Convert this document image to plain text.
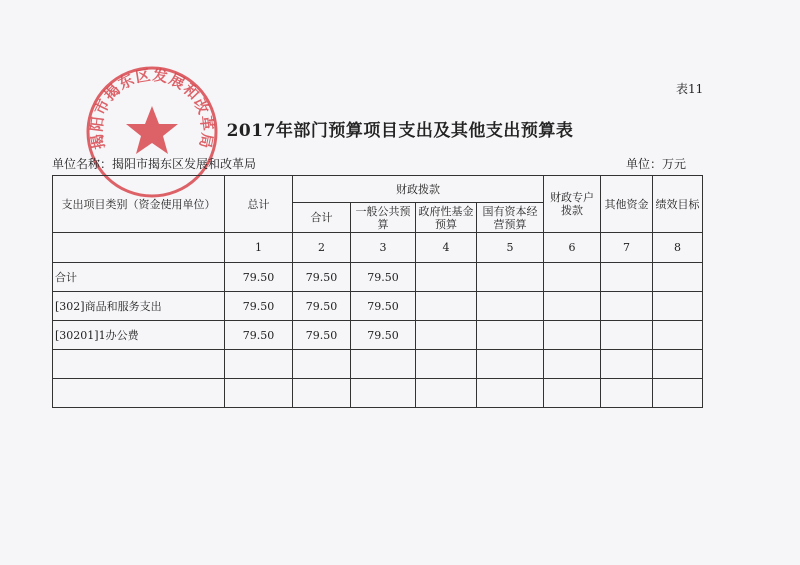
表11
揭阳市揭东区发展和改革局
2017年部门预算项目支出及其他支出预算表
单位名称：揭阳市揭东区发展和改革局	单位：万元
支出项目类别（资金使用单位）	总计	财政拨款				财政专户拨款	其他资金	绩效目标
		合计	一般公共预算	政府性基金预算	国有资本经营预算			
	1	2	3	4	5	6	7	8
合计	79.50	79.50	79.50					
[302]商品和服务支出	79.50	79.50	79.50					
[30201]1办公费	79.50	79.50	79.50					
